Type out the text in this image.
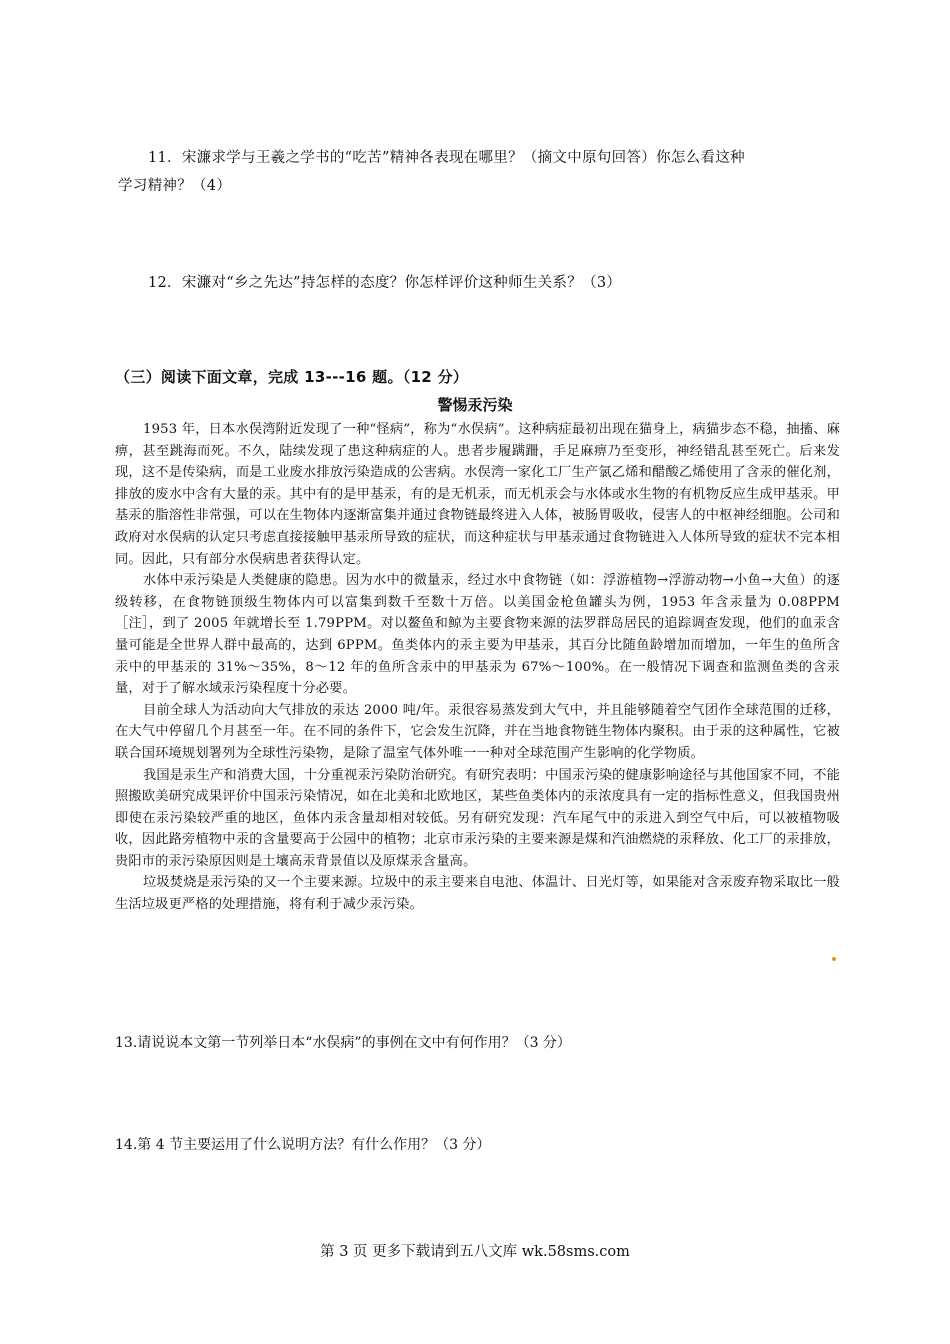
11．宋濂求学与王羲之学书的“吃苦”精神各表现在哪里？（摘文中原句回答）你怎么看这种
学习精神？（4）
12．宋濂对“乡之先达”持怎样的态度？你怎样评价这种师生关系？（3）
（三）阅读下面文章，完成 13---16 题。（12 分）
警惕汞污染

1953 年，日本水俣湾附近发现了一种“怪病”，称为“水俣病”。这种病症最初出现在猫身上，病猫步态不稳，抽搐、麻痹，甚至跳海而死。不久，陆续发现了患这种病症的人。患者步履蹒跚，手足麻痹乃至变形，神经错乱甚至死亡。后来发现，这不是传染病，而是工业废水排放污染造成的公害病。水俣湾一家化工厂生产氯乙烯和醋酸乙烯使用了含汞的催化剂，排放的废水中含有大量的汞。其中有的是甲基汞，有的是无机汞，而无机汞会与水体或水生物的有机物反应生成甲基汞。甲基汞的脂溶性非常强，可以在生物体内逐渐富集并通过食物链最终进入人体，被肠胃吸收，侵害人的中枢神经细胞。公司和政府对水俣病的认定只考虑直接接触甲基汞所导致的症状，而这种症状与甲基汞通过食物链进入人体所导致的症状不完本相同。因此，只有部分水俣病患者获得认定。

水体中汞污染是人类健康的隐患。因为水中的微量汞，经过水中食物链（如：浮游植物→浮游动物→小鱼→大鱼）的逐级转移，在食物链顶级生物体内可以富集到数千至数十万倍。以美国金枪鱼罐头为例，1953 年含汞量为 0.08PPM［注］，到了 2005 年就增长至 1.79PPM。对以鳌鱼和鲸为主要食物来源的法罗群岛居民的追踪调查发现，他们的血汞含量可能是全世界人群中最高的，达到 6PPM。鱼类体内的汞主要为甲基汞，其百分比随鱼龄增加而增加，一年生的鱼所含汞中的甲基汞的 31%～35%，8～12 年的鱼所含汞中的甲基汞为 67%～100%。在一般情况下调查和监测鱼类的含汞量，对于了解水域汞污染程度十分必要。

目前全球人为活动向大气排放的汞达 2000 吨/年。汞很容易蒸发到大气中，并且能够随着空气团作全球范围的迁移，在大气中停留几个月甚至一年。在不同的条件下，它会发生沉降，并在当地食物链生物体内聚积。由于汞的这种属性，它被联合国环境规划署列为全球性污染物，是除了温室气体外唯一一种对全球范围产生影响的化学物质。

我国是汞生产和消费大国，十分重视汞污染防治研究。有研究表明：中国汞污染的健康影响途径与其他国家不同，不能照搬欧美研究成果评价中国汞污染情况，如在北美和北欧地区，某些鱼类体内的汞浓度具有一定的指标性意义，但我国贵州即使在汞污染较严重的地区，鱼体内汞含量却相对较低。另有研究发现：汽车尾气中的汞进入到空气中后，可以被植物吸收，因此路旁植物中汞的含量要高于公园中的植物；北京市汞污染的主要来源是煤和汽油燃烧的汞释放、化工厂的汞排放，贵阳市的汞污染原因则是土壤高汞背景值以及原煤汞含量高。

垃圾焚烧是汞污染的又一个主要来源。垃圾中的汞主要来自电池、体温计、日光灯等，如果能对含汞废弃物采取比一般生活垃圾更严格的处理措施，将有利于减少汞污染。

13.请说说本文第一节列举日本“水俣病”的事例在文中有何作用？（3 分）
14.第 4 节主要运用了什么说明方法？有什么作用？（3 分）
第 3 页 更多下载请到五八文库 wk.58sms.com
